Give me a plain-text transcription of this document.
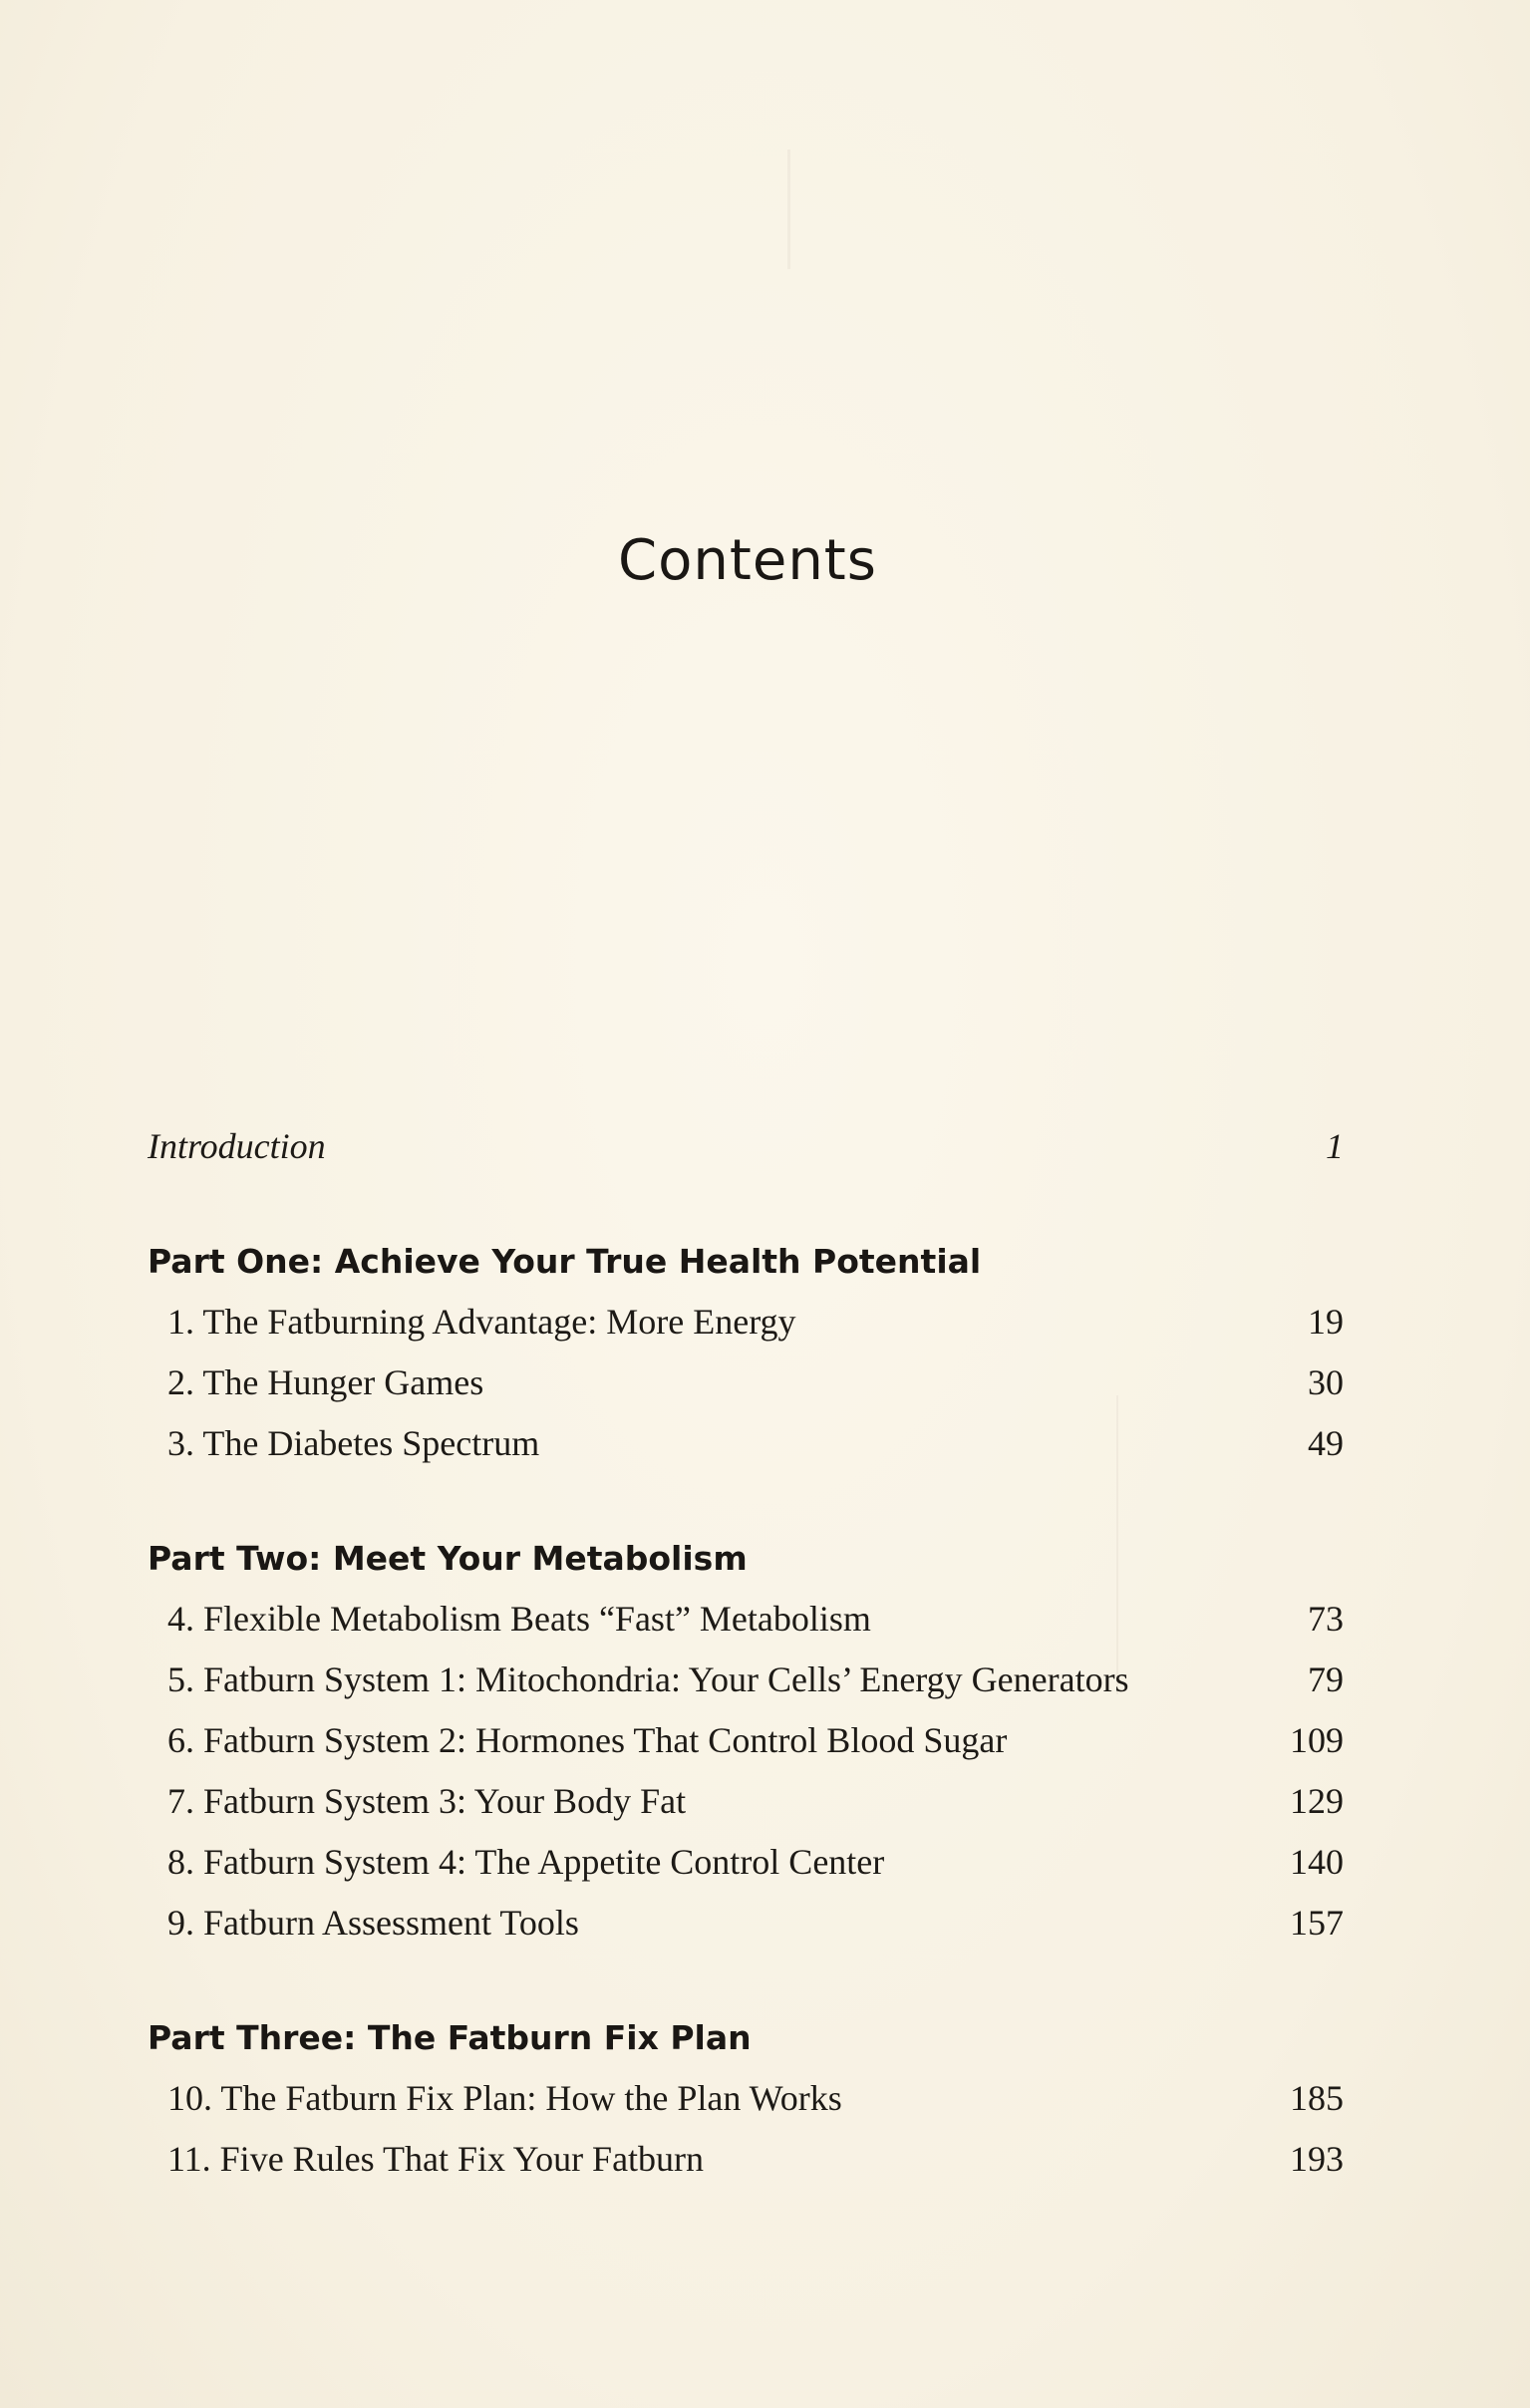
Contents
Introduction	1
Part One: Achieve Your True Health Potential
1. The Fatburning Advantage: More Energy	19
2. The Hunger Games	30
3. The Diabetes Spectrum	49
Part Two: Meet Your Metabolism
4. Flexible Metabolism Beats “Fast” Metabolism	73
5. Fatburn System 1: Mitochondria: Your Cells’ Energy Generators	79
6. Fatburn System 2: Hormones That Control Blood Sugar	109
7. Fatburn System 3: Your Body Fat	129
8. Fatburn System 4: The Appetite Control Center	140
9. Fatburn Assessment Tools	157
Part Three: The Fatburn Fix Plan
10. The Fatburn Fix Plan: How the Plan Works	185
11. Five Rules That Fix Your Fatburn	193
